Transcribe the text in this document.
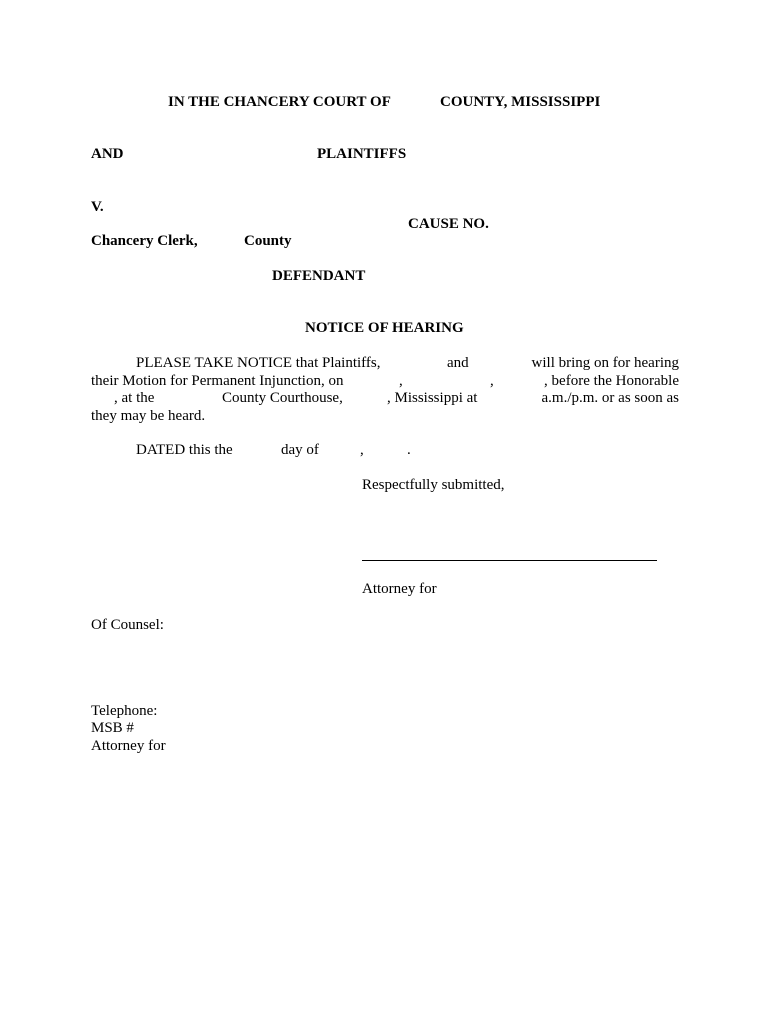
IN THE CHANCERY COURT OF	COUNTY, MISSISSIPPI
AND	PLAINTIFFS
V.
CAUSE NO.
Chancery Clerk,	County
DEFENDANT
NOTICE OF HEARING
PLEASE TAKE NOTICE that Plaintiffs,	and	will bring on for hearing
their Motion for Permanent Injunction, on	,	,	, before the Honorable
, at the	County Courthouse,	, Mississippi at	a.m./p.m. or as soon as
they may be heard.
DATED this the	day of	,	.
Respectfully submitted,
Attorney for
Of Counsel:
Telephone:
MSB #
Attorney for
